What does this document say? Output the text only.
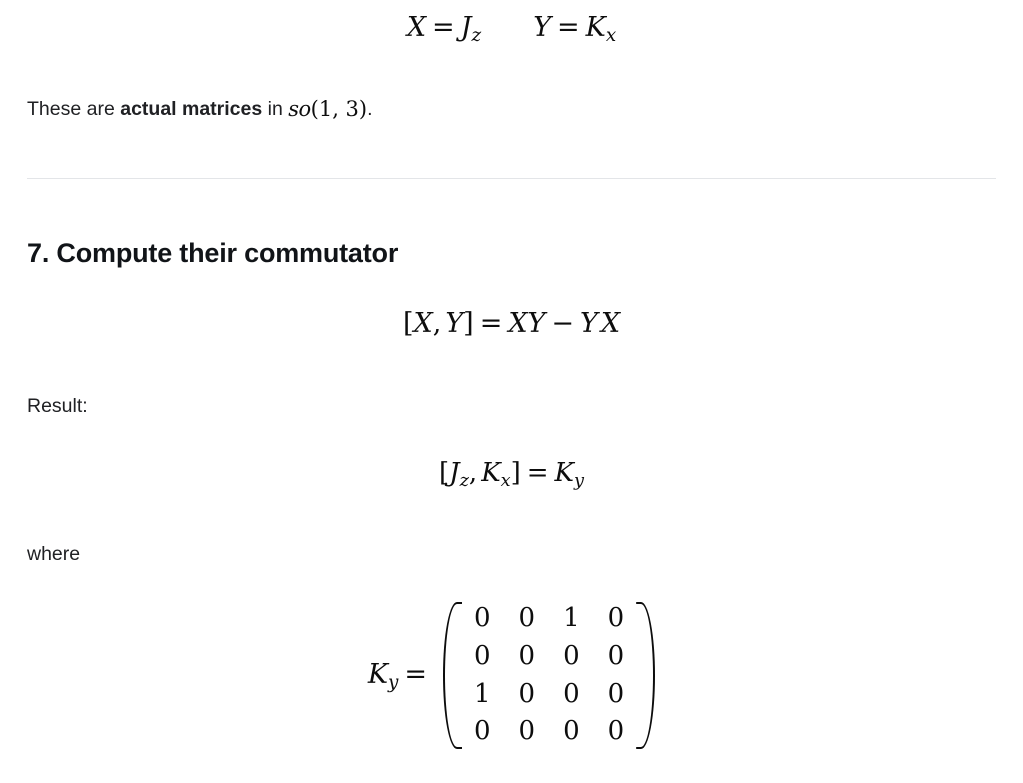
X = Jz Y = Kx

These are actual matrices in so(1, 3).

7. Compute their commutator
[X, Y] = XY − Y X

Result:

[Jz, Kx] = Ky

where

Ky =
0	0	1	0
0	0	0	0
1	0	0	0
0	0	0	0
